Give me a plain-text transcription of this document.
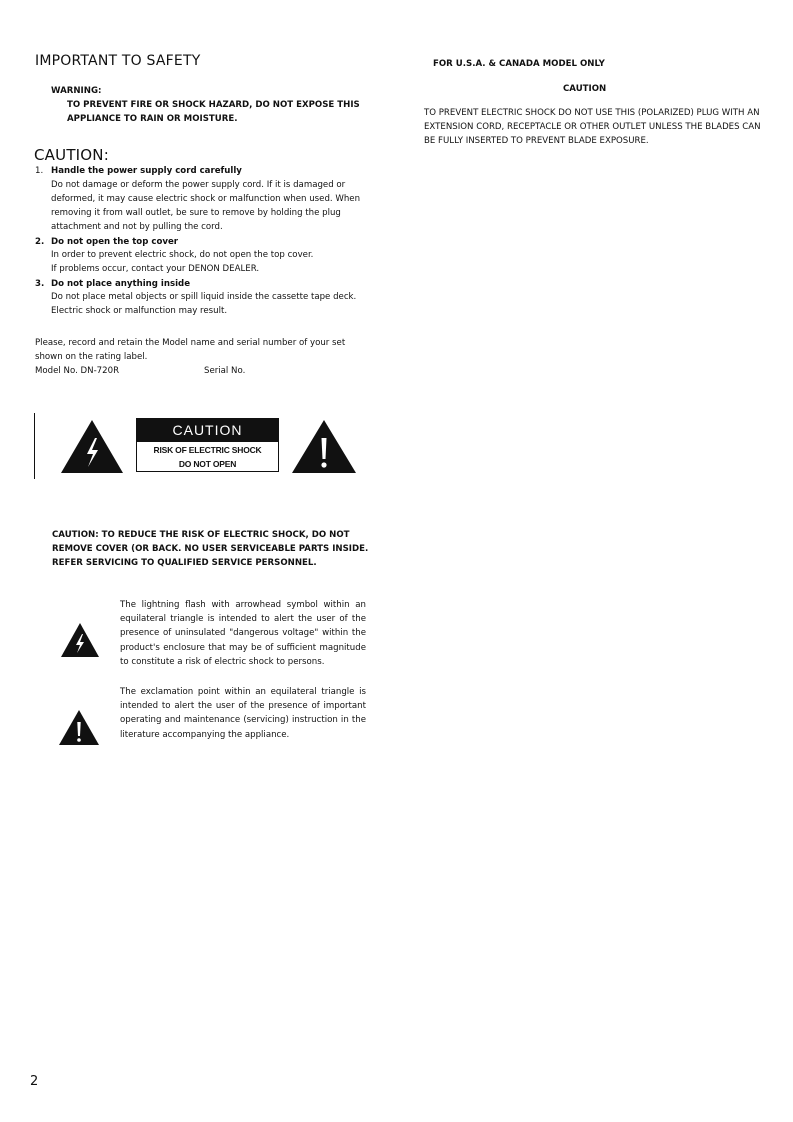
IMPORTANT TO SAFETY
WARNING:
TO PREVENT FIRE OR SHOCK HAZARD, DO NOT EXPOSE THIS
APPLIANCE TO RAIN OR MOISTURE.
CAUTION:
1. Handle the power supply cord carefully
Do not damage or deform the power supply cord. If it is damaged or
deformed, it may cause electric shock or malfunction when used. When
removing it from wall outlet, be sure to remove by holding the plug
attachment and not by pulling the cord.
2. Do not open the top cover
In order to prevent electric shock, do not open the top cover.
If problems occur, contact your DENON DEALER.
3. Do not place anything inside
Do not place metal objects or spill liquid inside the cassette tape deck.
Electric shock or malfunction may result.
Please, record and retain the Model name and serial number of your set
shown on the rating label.
Model No. DN-720R	Serial No.
CAUTION
RISK OF ELECTRIC SHOCK
DO NOT OPEN
CAUTION: TO REDUCE THE RISK OF ELECTRIC SHOCK, DO NOT
REMOVE COVER (OR BACK. NO USER SERVICEABLE PARTS INSIDE.
REFER SERVICING TO QUALIFIED SERVICE PERSONNEL.
The lightning flash with arrowhead symbol within an equilateral triangle is intended to alert the user of the presence of uninsulated "dangerous voltage" within the product's enclosure that may be of sufficient magnitude to constitute a risk of electric shock to persons.
The exclamation point within an equilateral triangle is intended to alert the user of the presence of important operating and maintenance (servicing) instruction in the literature accompanying the appliance.
FOR U.S.A. & CANADA MODEL ONLY
CAUTION
TO PREVENT ELECTRIC SHOCK DO NOT USE THIS (POLARIZED) PLUG WITH AN
EXTENSION CORD, RECEPTACLE OR OTHER OUTLET UNLESS THE BLADES CAN
BE FULLY INSERTED TO PREVENT BLADE EXPOSURE.
2
